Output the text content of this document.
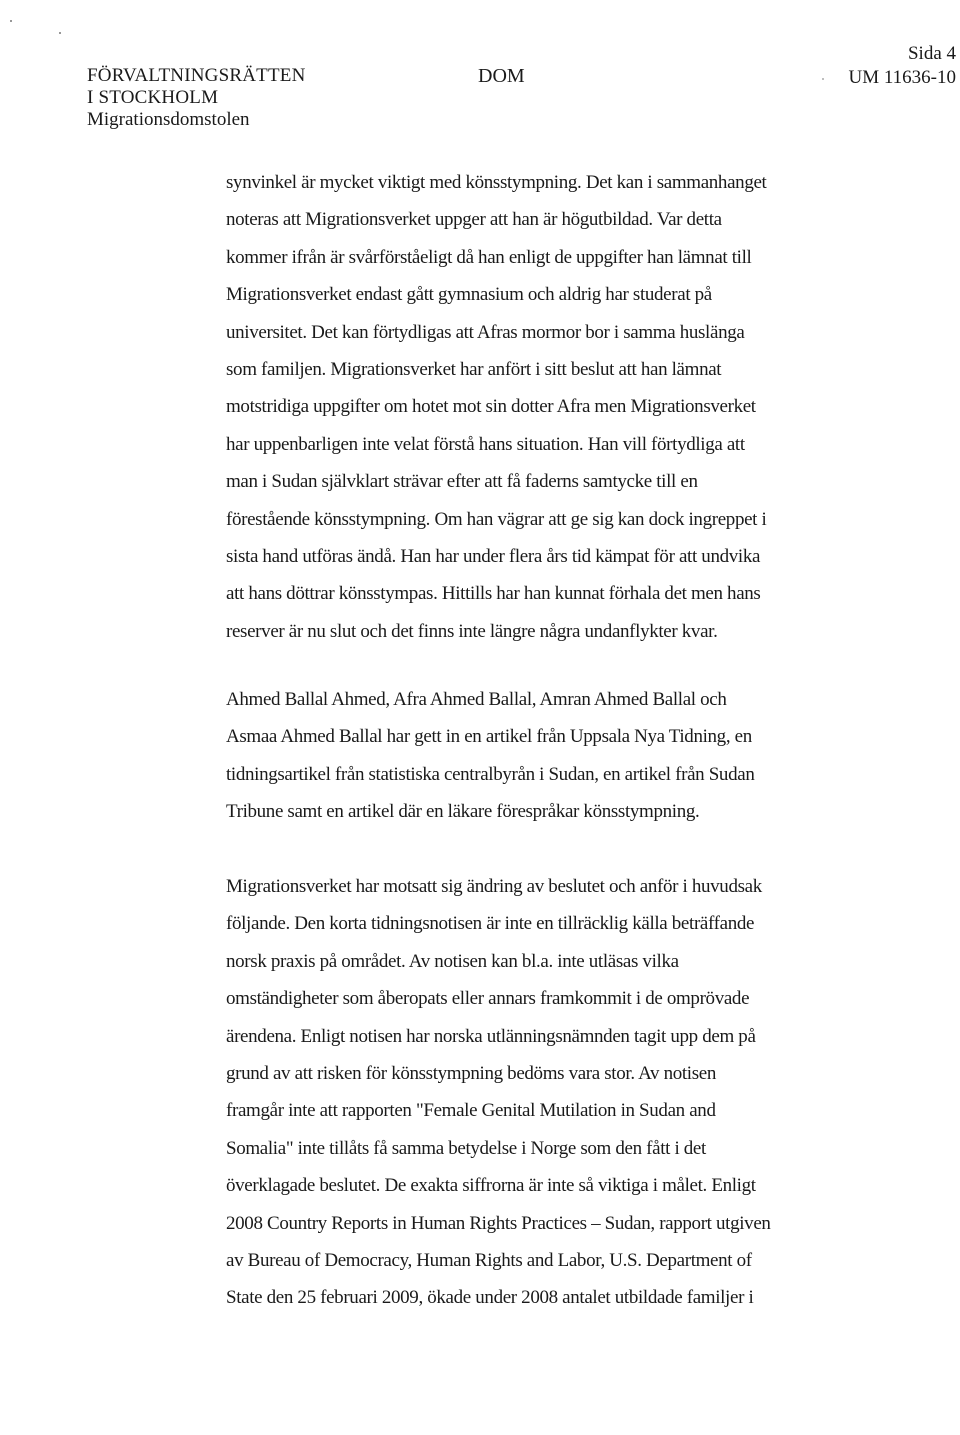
FÖRVALTNINGSRÄTTEN
I STOCKHOLM
Migrationsdomstolen
DOM
Sida 4
UM 11636-10
synvinkel är mycket viktigt med könsstympning. Det kan i sammanhanget
noteras att Migrationsverket uppger att han är högutbildad. Var detta
kommer ifrån är svårförståeligt då han enligt de uppgifter han lämnat till
Migrationsverket endast gått gymnasium och aldrig har studerat på
universitet. Det kan förtydligas att Afras mormor bor i samma huslänga
som familjen. Migrationsverket har anfört i sitt beslut att han lämnat
motstridiga uppgifter om hotet mot sin dotter Afra men Migrationsverket
har uppenbarligen inte velat förstå hans situation. Han vill förtydliga att
man i Sudan självklart strävar efter att få faderns samtycke till en
förestående könsstympning. Om han vägrar att ge sig kan dock ingreppet i
sista hand utföras ändå. Han har under flera års tid kämpat för att undvika
att hans döttrar könsstympas. Hittills har han kunnat förhala det men hans
reserver är nu slut och det finns inte längre några undanflykter kvar.
Ahmed Ballal Ahmed, Afra Ahmed Ballal, Amran Ahmed Ballal och
Asmaa Ahmed Ballal har gett in en artikel från Uppsala Nya Tidning, en
tidningsartikel från statistiska centralbyrån i Sudan, en artikel från Sudan
Tribune samt en artikel där en läkare förespråkar könsstympning.
Migrationsverket har motsatt sig ändring av beslutet och anför i huvudsak
följande. Den korta tidningsnotisen är inte en tillräcklig källa beträffande
norsk praxis på området. Av notisen kan bl.a. inte utläsas vilka
omständigheter som åberopats eller annars framkommit i de omprövade
ärendena. Enligt notisen har norska utlänningsnämnden tagit upp dem på
grund av att risken för könsstympning bedöms vara stor. Av notisen
framgår inte att rapporten "Female Genital Mutilation in Sudan and
Somalia" inte tillåts få samma betydelse i Norge som den fått i det
överklagade beslutet. De exakta siffrorna är inte så viktiga i målet. Enligt
2008 Country Reports in Human Rights Practices – Sudan, rapport utgiven
av Bureau of Democracy, Human Rights and Labor, U.S. Department of
State den 25 februari 2009, ökade under 2008 antalet utbildade familjer i
